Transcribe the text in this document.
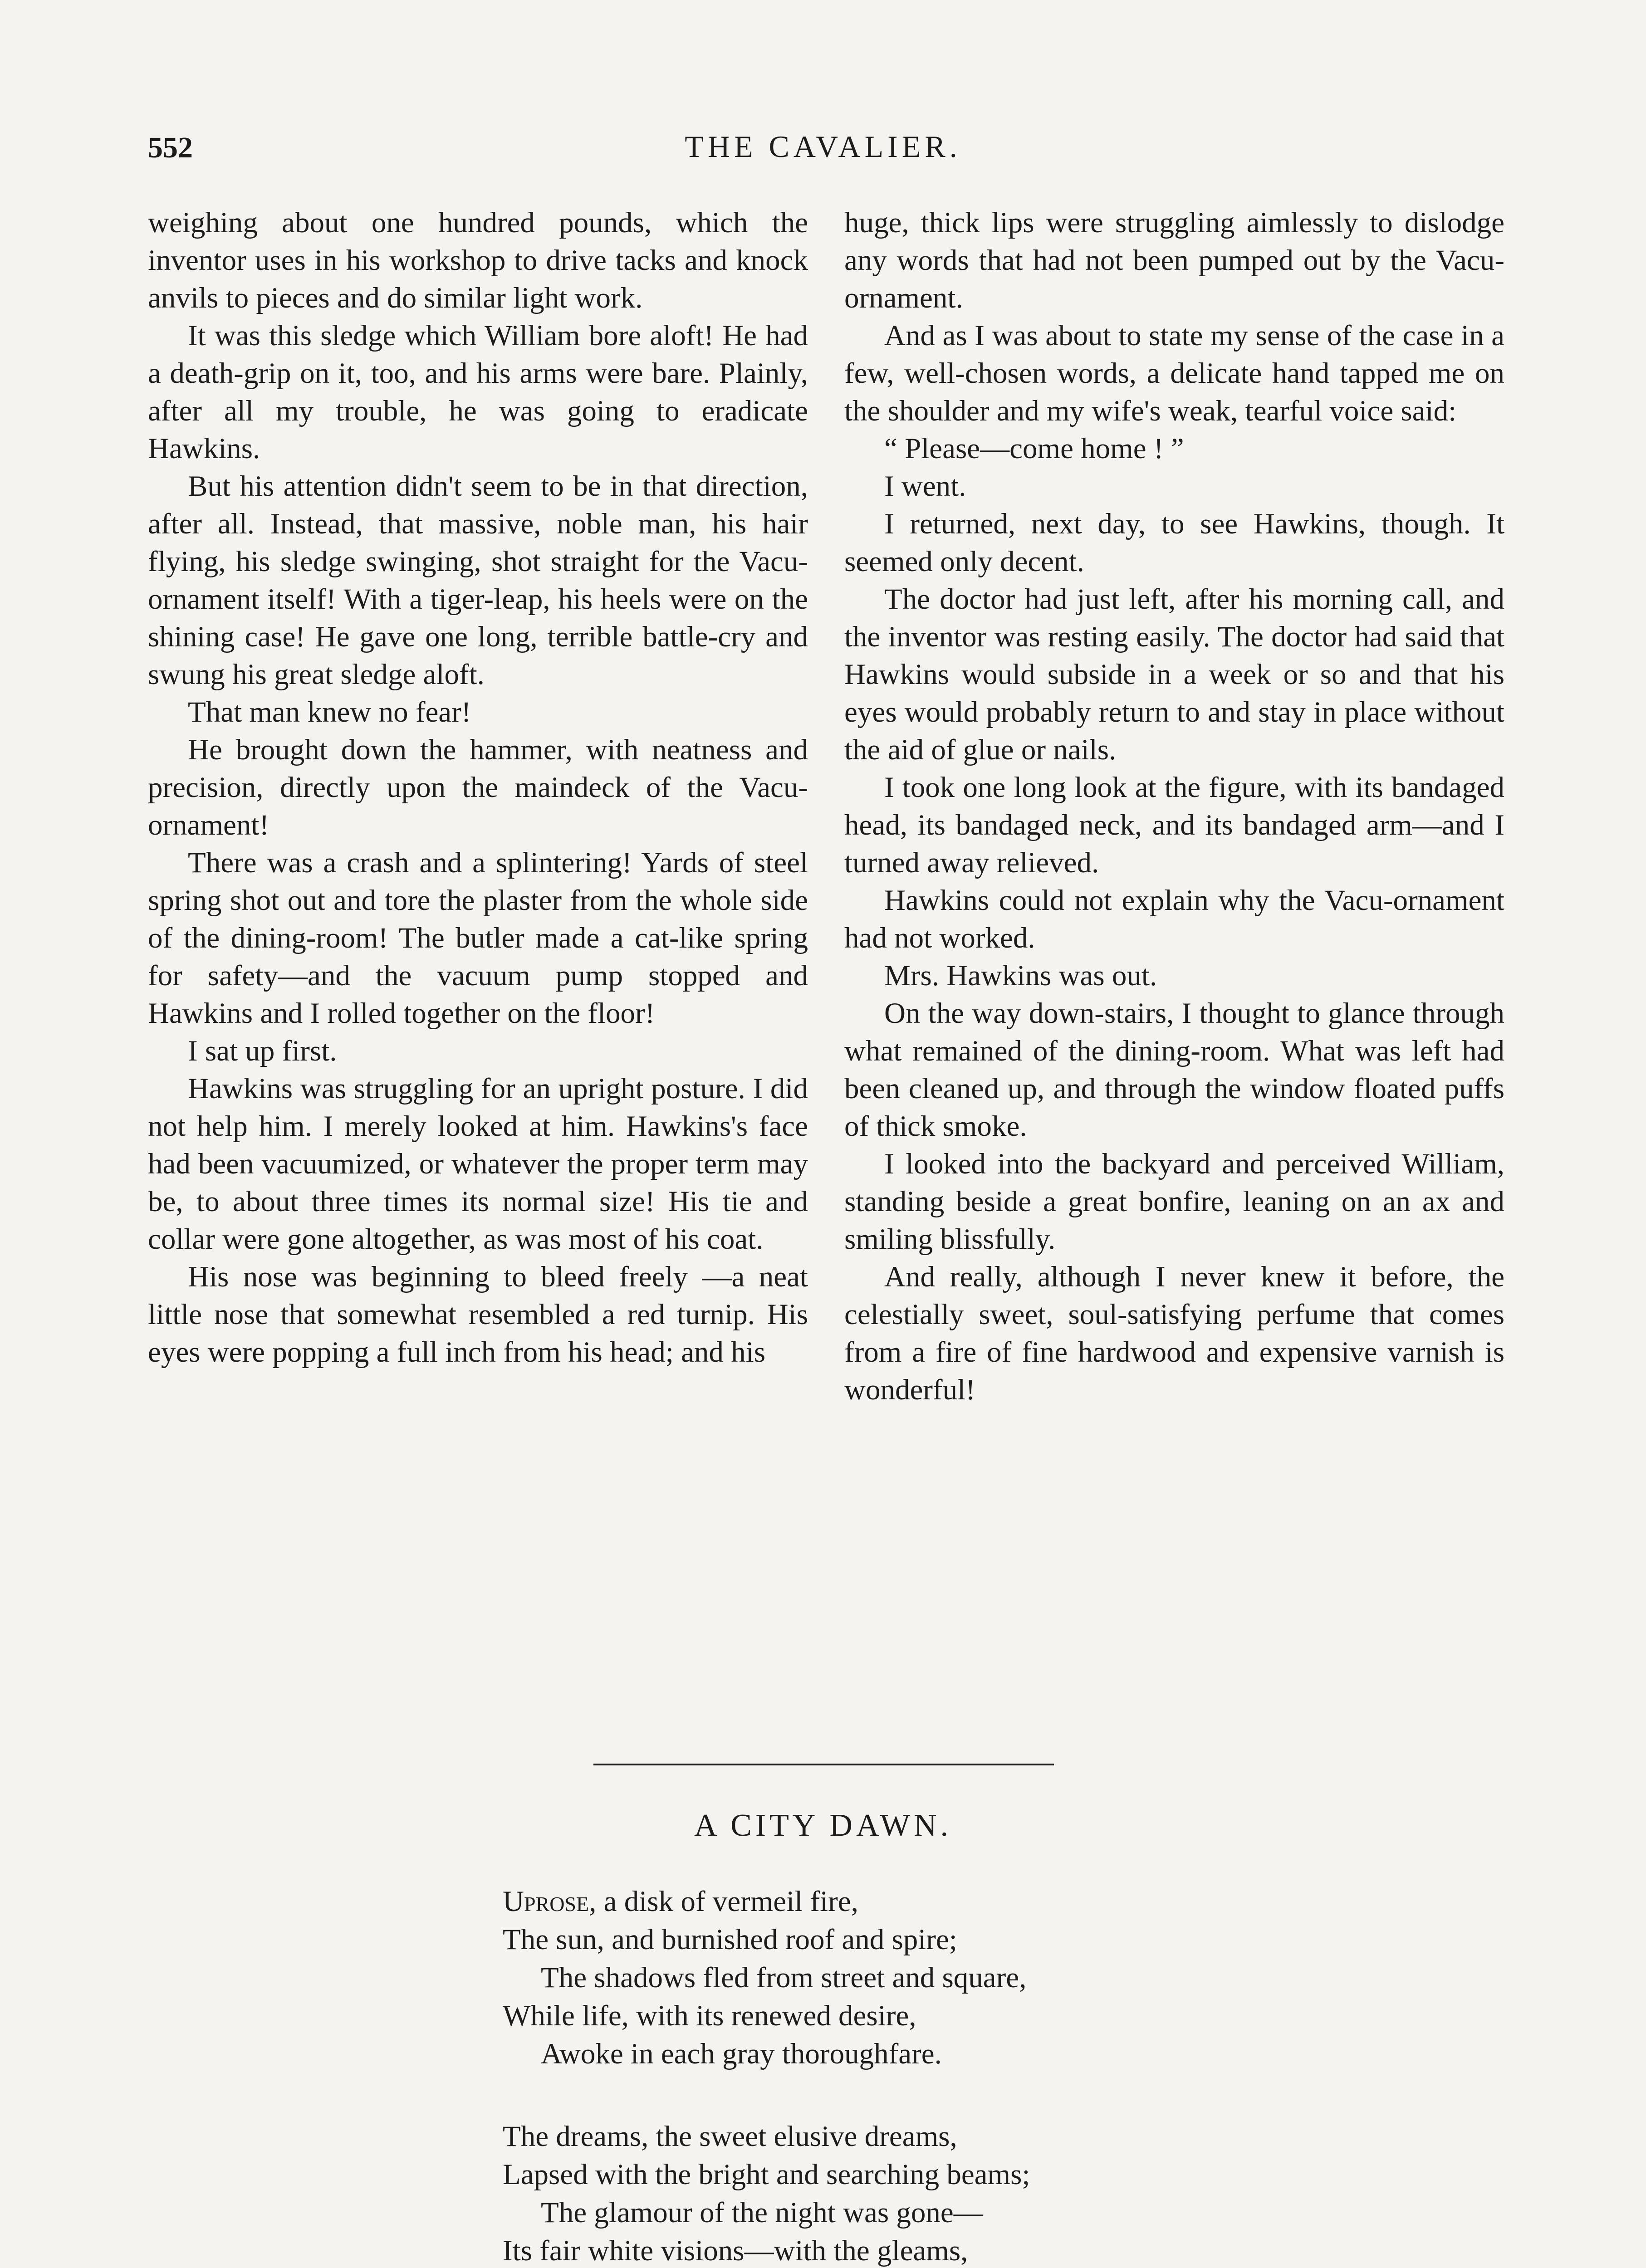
552	THE CAVALIER.

weighing about one hundred pounds, which the inventor uses in his workshop to drive tacks and knock anvils to pieces and do similar light work.

It was this sledge which William bore aloft! He had a death-grip on it, too, and his arms were bare. Plainly, after all my trouble, he was going to eradicate Hawkins.

But his attention didn't seem to be in that direction, after all. Instead, that massive, noble man, his hair flying, his sledge swinging, shot straight for the Vacu-ornament itself! With a tiger-leap, his heels were on the shining case! He gave one long, terrible battle-cry and swung his great sledge aloft.

That man knew no fear!

He brought down the hammer, with neatness and precision, directly upon the maindeck of the Vacu-ornament!

There was a crash and a splintering! Yards of steel spring shot out and tore the plaster from the whole side of the dining-room! The butler made a cat-like spring for safety—and the vacuum pump stopped and Hawkins and I rolled together on the floor!

I sat up first.

Hawkins was struggling for an upright posture. I did not help him. I merely looked at him. Hawkins's face had been vacuumized, or whatever the proper term may be, to about three times its normal size! His tie and collar were gone altogether, as was most of his coat.

His nose was beginning to bleed freely —a neat little nose that somewhat resembled a red turnip. His eyes were popping a full inch from his head; and his

huge, thick lips were struggling aimlessly to dislodge any words that had not been pumped out by the Vacu-ornament.

And as I was about to state my sense of the case in a few, well-chosen words, a delicate hand tapped me on the shoulder and my wife's weak, tearful voice said:

“ Please—come home ! ”

I went.

I returned, next day, to see Hawkins, though. It seemed only decent.

The doctor had just left, after his morning call, and the inventor was resting easily. The doctor had said that Hawkins would subside in a week or so and that his eyes would probably return to and stay in place without the aid of glue or nails.

I took one long look at the figure, with its bandaged head, its bandaged neck, and its bandaged arm—and I turned away relieved.

Hawkins could not explain why the Vacu-ornament had not worked.

Mrs. Hawkins was out.

On the way down-stairs, I thought to glance through what remained of the dining-room. What was left had been cleaned up, and through the window floated puffs of thick smoke.

I looked into the backyard and perceived William, standing beside a great bonfire, leaning on an ax and smiling blissfully.

And really, although I never knew it before, the celestially sweet, soul-satisfying perfume that comes from a fire of fine hardwood and expensive varnish is wonderful!

A CITY DAWN.
Uprose, a disk of vermeil fire,
The sun, and burnished roof and spire;
The shadows fled from street and square,
While life, with its renewed desire,
Awoke in each gray thoroughfare.
The dreams, the sweet elusive dreams,
Lapsed with the bright and searching beams;
The glamour of the night was gone—
Its fair white visions—with the gleams,
